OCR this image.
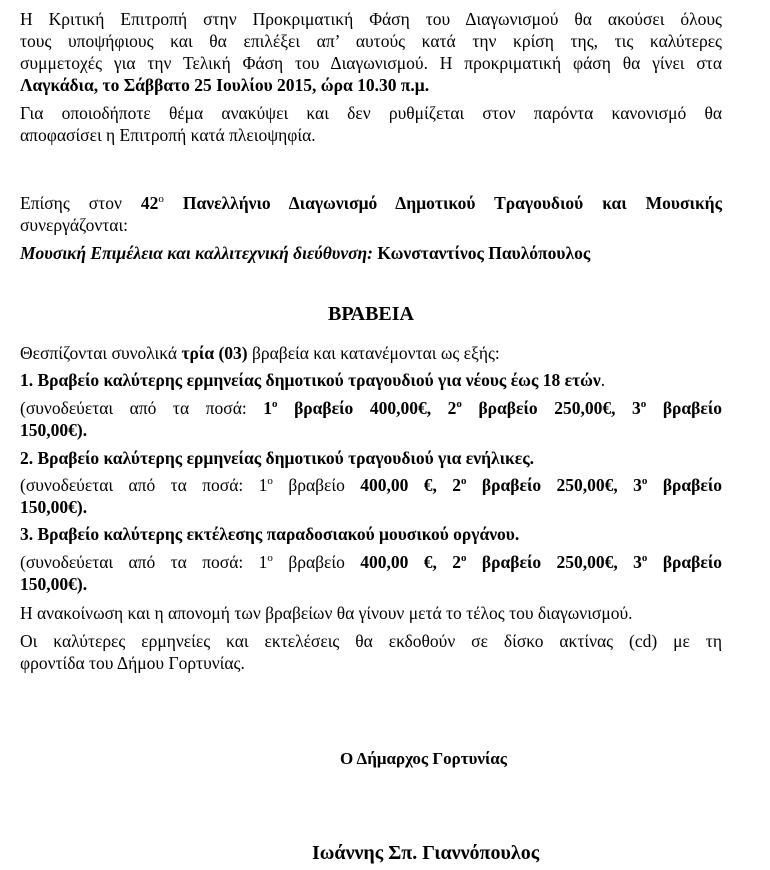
Η Κριτική Επιτροπή στην Προκριματική Φάση του Διαγωνισμού θα ακούσει όλους

τους υποψήφιους και θα επιλέξει απ’ αυτούς κατά την κρίση της, τις καλύτερες

συμμετοχές για την Τελική Φάση του Διαγωνισμού. Η προκριματική φάση θα γίνει στα

Λαγκάδια, το Σάββατο 25 Ιουλίου 2015, ώρα 10.30 π.μ.

Για οποιοδήποτε θέμα ανακύψει και δεν ρυθμίζεται στον παρόντα κανονισμό θα

αποφασίσει η Επιτροπή κατά πλειοψηφία.

Επίσης στον $42^o$ Πανελλήνιο Διαγωνισμό Δημοτικού Τραγουδιού και Μουσικής

συνεργάζονται:

Μουσική Επιμέλεια και καλλιτεχνική διεύθυνση: Κωνσταντίνος Παυλόπουλος

ΒΡΑΒΕΙΑ

Θεσπίζονται συνολικά τρία (03) βραβεία και κατανέμονται ως εξής:

1. Βραβείο καλύτερης ερμηνείας δημοτικού τραγουδιού για νέους έως 18 ετών.

(συνοδεύεται από τα ποσά: $1^o$ βραβείο 400,00€, $2^o$ βραβείο 250,00€, $3^o$ βραβείο

150,00€).

2. Βραβείο καλύτερης ερμηνείας δημοτικού τραγουδιού για ενήλικες.

(συνοδεύεται από τα ποσά: $1^o$ βραβείο 400,00 €, $2^o$ βραβείο 250,00€, $3^o$ βραβείο

150,00€).

3. Βραβείο καλύτερης εκτέλεσης παραδοσιακού μουσικού οργάνου.

(συνοδεύεται από τα ποσά: $1^o$ βραβείο 400,00 €, $2^o$ βραβείο 250,00€, $3^o$ βραβείο

150,00€).

Η ανακοίνωση και η απονομή των βραβείων θα γίνουν μετά το τέλος του διαγωνισμού.

Οι καλύτερες ερμηνείες και εκτελέσεις θα εκδοθούν σε δίσκο ακτίνας (cd) με τη

φροντίδα του Δήμου Γορτυνίας.

Ο Δήμαρχος Γορτυνίας

Ιωάννης Σπ. Γιαννόπουλος
